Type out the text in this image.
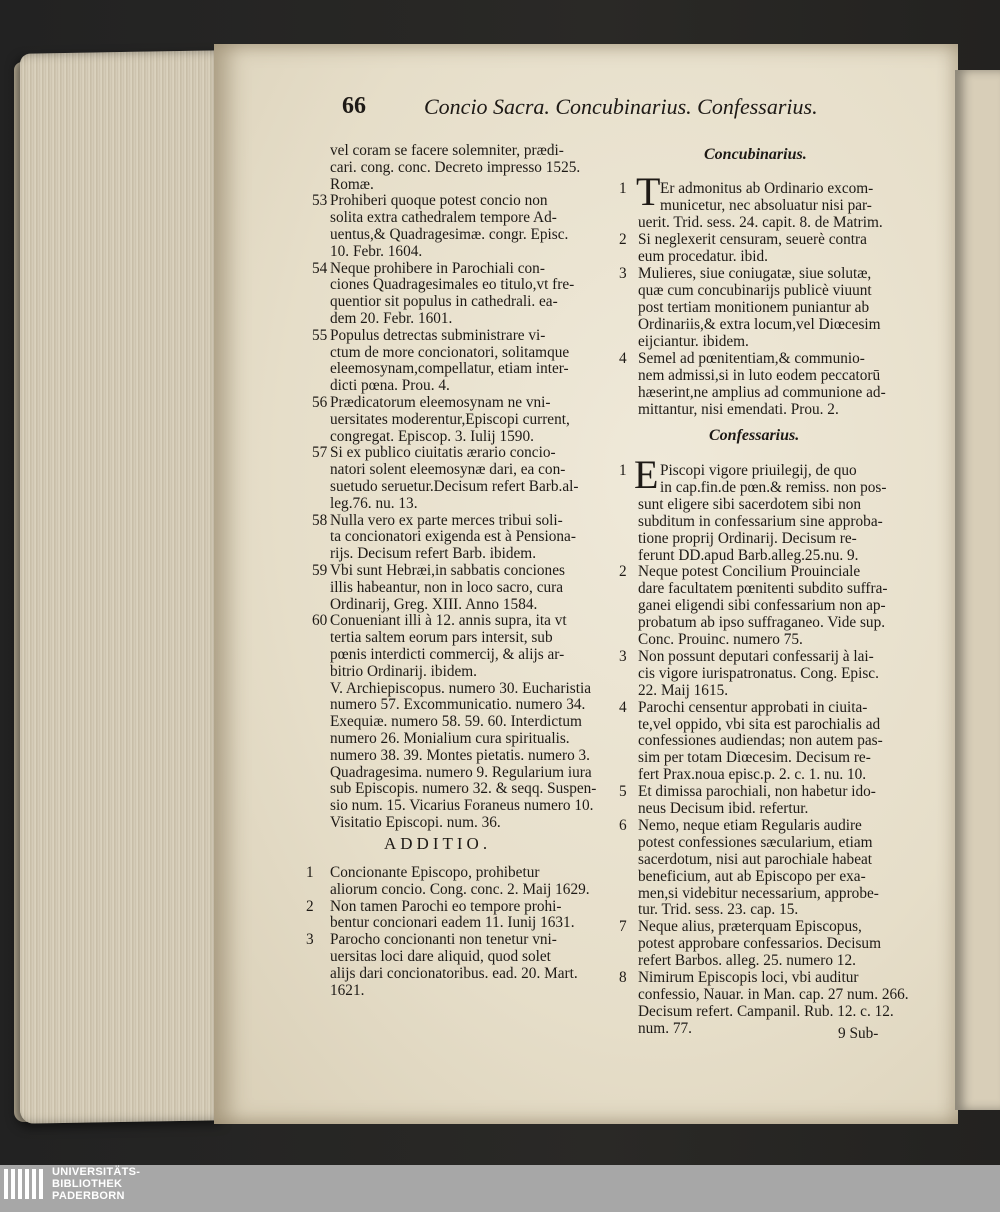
66	Concio Sacra. Concubinarius. Confessarius.
vel coram se facere solemniter, prædi-
cari. cong. conc. Decreto impresso 1525.
Romæ.
Prohiberi quoque potest concio non
53
solita extra cathedralem tempore Ad-
uentus,& Quadragesimæ. congr. Episc.
10. Febr. 1604.
Neque prohibere in Parochiali con-
54
ciones Quadragesimales eo titulo,vt fre-
quentior sit populus in cathedrali. ea-
dem 20. Febr. 1601.
Populus detrectas subministrare vi-
55
ctum de more concionatori, solitamque
eleemosynam,compellatur, etiam inter-
dicti pœna. Prou. 4.
Prædicatorum eleemosynam ne vni-
56
uersitates moderentur,Episcopi current,
congregat. Episcop. 3. Iulij 1590.
Si ex publico ciuitatis ærario concio-
57
natori solent eleemosynæ dari, ea con-
suetudo seruetur.Decisum refert Barb.al-
leg.76. nu. 13.
Nulla vero ex parte merces tribui soli-
58
ta concionatori exigenda est à Pensiona-
rijs. Decisum refert Barb. ibidem.
Vbi sunt Hebræi,in sabbatis conciones
59
illis habeantur, non in loco sacro, cura
Ordinarij, Greg. XIII. Anno 1584.
Conueniant illi à 12. annis supra, ita vt
60
tertia saltem eorum pars intersit, sub
pœnis interdicti commercij, & alijs ar-
bitrio Ordinarij. ibidem.
V. Archiepiscopus. numero 30. Eucharistia
numero 57. Excommunicatio. numero 34.
Exequiæ. numero 58. 59. 60. Interdictum
numero 26. Monialium cura spiritualis.
numero 38. 39. Montes pietatis. numero 3.
Quadragesima. numero 9. Regularium iura
sub Episcopis. numero 32. & seqq. Suspen-
sio num. 15. Vicarius Foraneus numero 10.
Visitatio Episcopi. num. 36.
ADDITIO.
Concionante Episcopo, prohibetur
1
aliorum concio. Cong. conc. 2. Maij 1629.
Non tamen Parochi eo tempore prohi-
2
bentur concionari eadem 11. Iunij 1631.
Parocho concionanti non tenetur vni-
3
uersitas loci dare aliquid, quod solet
alijs dari concionatoribus. ead. 20. Mart.
1621.
Concubinarius.
T Er admonitus ab Ordinario excom-
1
municetur, nec absoluatur nisi par-
uerit. Trid. sess. 24. capit. 8. de Matrim.
Si neglexerit censuram, seuerè contra
2
eum procedatur. ibid.
Mulieres, siue coniugatæ, siue solutæ,
3
quæ cum concubinarijs publicè viuunt
post tertiam monitionem puniantur ab
Ordinariis,& extra locum,vel Diœcesim
eijciantur. ibidem.
Semel ad pœnitentiam,& communio-
4
nem admissi,si in luto eodem peccatorū
hæserint,ne amplius ad communione ad-
mittantur, nisi emendati. Prou. 2.
Confessarius.
E Piscopi vigore priuilegij, de quo
1
in cap.fin.de pœn.& remiss. non pos-
sunt eligere sibi sacerdotem sibi non
subditum in confessarium sine approba-
tione proprij Ordinarij. Decisum re-
ferunt DD.apud Barb.alleg.25.nu. 9.
Neque potest Concilium Prouinciale
2
dare facultatem pœnitenti subdito suffra-
ganei eligendi sibi confessarium non ap-
probatum ab ipso suffraganeo. Vide sup.
Conc. Prouinc. numero 75.
Non possunt deputari confessarij à lai-
3
cis vigore iurispatronatus. Cong. Episc.
22. Maij 1615.
Parochi censentur approbati in ciuita-
4
te,vel oppido, vbi sita est parochialis ad
confessiones audiendas; non autem pas-
sim per totam Diœcesim. Decisum re-
fert Prax.noua episc.p. 2. c. 1. nu. 10.
Et dimissa parochiali, non habetur ido-
5
neus Decisum ibid. refertur.
Nemo, neque etiam Regularis audire
6
potest confessiones sæcularium, etiam
sacerdotum, nisi aut parochiale habeat
beneficium, aut ab Episcopo per exa-
men,si videbitur necessarium, approbe-
tur. Trid. sess. 23. cap. 15.
Neque alius, præterquam Episcopus,
7
potest approbare confessarios. Decisum
refert Barbos. alleg. 25. numero 12.
Nimirum Episcopis loci, vbi auditur
8
confessio, Nauar. in Man. cap. 27 num. 266.
Decisum refert. Campanil. Rub. 12. c. 12.
num. 77.	9 Sub-
UNIVERSITÄTS-
BIBLIOTHEK
PADERBORN
